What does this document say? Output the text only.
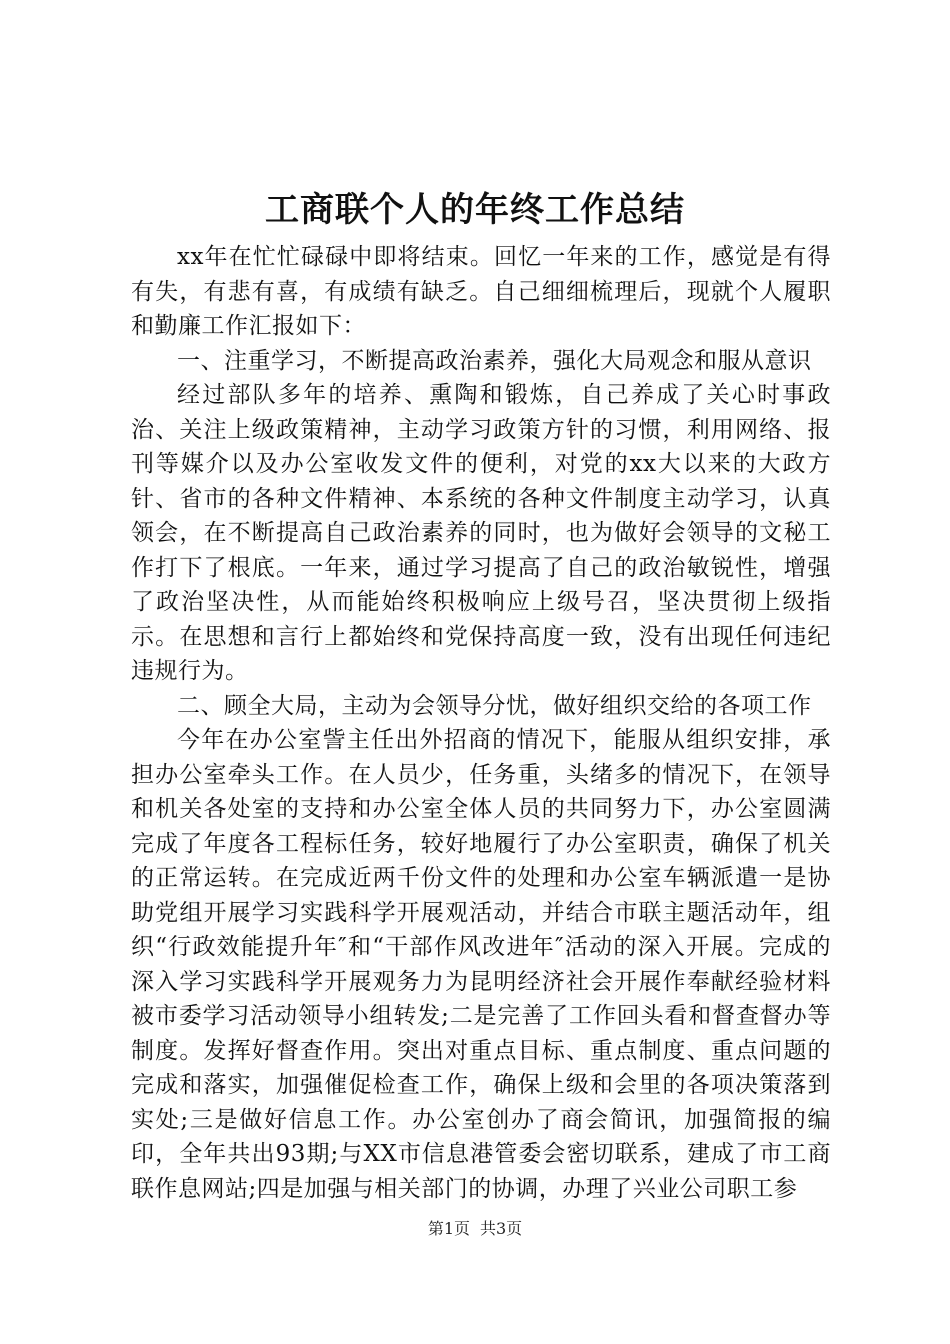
工商联个人的年终工作总结

xx年在忙忙碌碌中即将结束。回忆一年来的工作，感觉是有得有失，有悲有喜，有成绩有缺乏。自己细细梳理后，现就个人履职和勤廉工作汇报如下：

一、注重学习，不断提高政治素养，强化大局观念和服从意识

经过部队多年的培养、熏陶和锻炼，自己养成了关心时事政治、关注上级政策精神，主动学习政策方针的习惯，利用网络、报刊等媒介以及办公室收发文件的便利，对党的xx大以来的大政方针、省市的各种文件精神、本系统的各种文件制度主动学习，认真领会，在不断提高自己政治素养的同时，也为做好会领导的文秘工作打下了根底。一年来，通过学习提高了自己的政治敏锐性，增强了政治坚决性，从而能始终积极响应上级号召，坚决贯彻上级指示。在思想和言行上都始终和党保持高度一致，没有出现任何违纪违规行为。

二、顾全大局，主动为会领导分忧，做好组织交给的各项工作

今年在办公室訾主任出外招商的情况下，能服从组织安排，承担办公室牵头工作。在人员少，任务重，头绪多的情况下，在领导和机关各处室的支持和办公室全体人员的共同努力下，办公室圆满完成了年度各工程标任务，较好地履行了办公室职责，确保了机关的正常运转。在完成近两千份文件的处理和办公室车辆派遣一是协助党组开展学习实践科学开展观活动，并结合市联主题活动年，组织“行政效能提升年″和“干部作风改进年″活动的深入开展。完成的深入学习实践科学开展观务力为昆明经济社会开展作奉献经验材料被市委学习活动领导小组转发;二是完善了工作回头看和督查督办等制度。发挥好督查作用。突出对重点目标、重点制度、重点问题的完成和落实，加强催促检查工作，确保上级和会里的各项决策落到实处;三是做好信息工作。办公室创办了商会简讯，加强简报的编印，全年共出93期;与XX市信息港管委会密切联系，建成了市工商联作息网站;四是加强与相关部门的协调，办理了兴业公司职工参

第1页 共3页
